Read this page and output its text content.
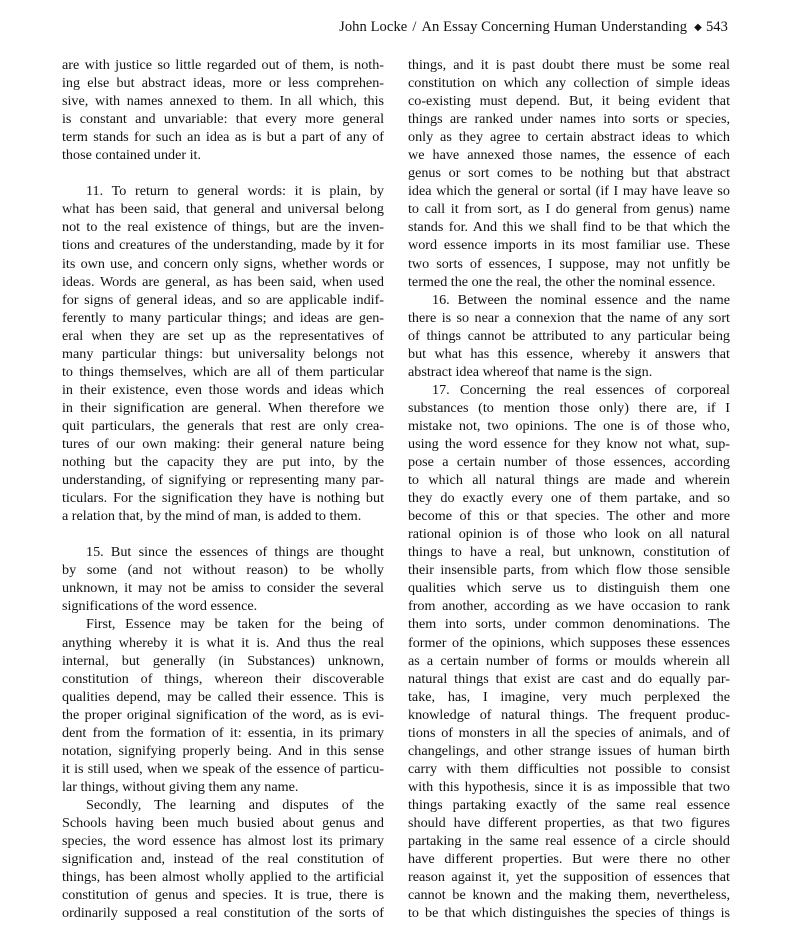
John Locke / An Essay Concerning Human Understanding ◆ 543

are with justice so little regarded out of them, is noth-
ing else but abstract ideas, more or less comprehen-
sive, with names annexed to them. In all which, this
is constant and unvariable: that every more general
term stands for such an idea as is but a part of any of
those contained under it.

11. To return to general words: it is plain, by
what has been said, that general and universal belong
not to the real existence of things, but are the inven-
tions and creatures of the understanding, made by it for
its own use, and concern only signs, whether words or
ideas. Words are general, as has been said, when used
for signs of general ideas, and so are applicable indif-
ferently to many particular things; and ideas are gen-
eral when they are set up as the representatives of
many particular things: but universality belongs not
to things themselves, which are all of them particular
in their existence, even those words and ideas which
in their signification are general. When therefore we
quit particulars, the generals that rest are only crea-
tures of our own making: their general nature being
nothing but the capacity they are put into, by the
understanding, of signifying or representing many par-
ticulars. For the signification they have is nothing but
a relation that, by the mind of man, is added to them.

15. But since the essences of things are thought
by some (and not without reason) to be wholly
unknown, it may not be amiss to consider the several
significations of the word essence.

First, Essence may be taken for the being of
anything whereby it is what it is. And thus the real
internal, but generally (in Substances) unknown,
constitution of things, whereon their discoverable
qualities depend, may be called their essence. This is
the proper original signification of the word, as is evi-
dent from the formation of it: essentia, in its primary
notation, signifying properly being. And in this sense
it is still used, when we speak of the essence of particu-
lar things, without giving them any name.

Secondly, The learning and disputes of the
Schools having been much busied about genus and
species, the word essence has almost lost its primary
signification and, instead of the real constitution of
things, has been almost wholly applied to the artificial
constitution of genus and species. It is true, there is
ordinarily supposed a real constitution of the sorts of

things, and it is past doubt there must be some real
constitution on which any collection of simple ideas
co-existing must depend. But, it being evident that
things are ranked under names into sorts or species,
only as they agree to certain abstract ideas to which
we have annexed those names, the essence of each
genus or sort comes to be nothing but that abstract
idea which the general or sortal (if I may have leave so
to call it from sort, as I do general from genus) name
stands for. And this we shall find to be that which the
word essence imports in its most familiar use. These
two sorts of essences, I suppose, may not unfitly be
termed the one the real, the other the nominal essence.

16. Between the nominal essence and the name
there is so near a connexion that the name of any sort
of things cannot be attributed to any particular being
but what has this essence, whereby it answers that
abstract idea whereof that name is the sign.

17. Concerning the real essences of corporeal
substances (to mention those only) there are, if I
mistake not, two opinions. The one is of those who,
using the word essence for they know not what, sup-
pose a certain number of those essences, according
to which all natural things are made and wherein
they do exactly every one of them partake, and so
become of this or that species. The other and more
rational opinion is of those who look on all natural
things to have a real, but unknown, constitution of
their insensible parts, from which flow those sensible
qualities which serve us to distinguish them one
from another, according as we have occasion to rank
them into sorts, under common denominations. The
former of the opinions, which supposes these essences
as a certain number of forms or moulds wherein all
natural things that exist are cast and do equally par-
take, has, I imagine, very much perplexed the
knowledge of natural things. The frequent produc-
tions of monsters in all the species of animals, and of
changelings, and other strange issues of human birth
carry with them difficulties not possible to consist
with this hypothesis, since it is as impossible that two
things partaking exactly of the same real essence
should have different properties, as that two figures
partaking in the same real essence of a circle should
have different properties. But were there no other
reason against it, yet the supposition of essences that
cannot be known and the making them, nevertheless,
to be that which distinguishes the species of things is
